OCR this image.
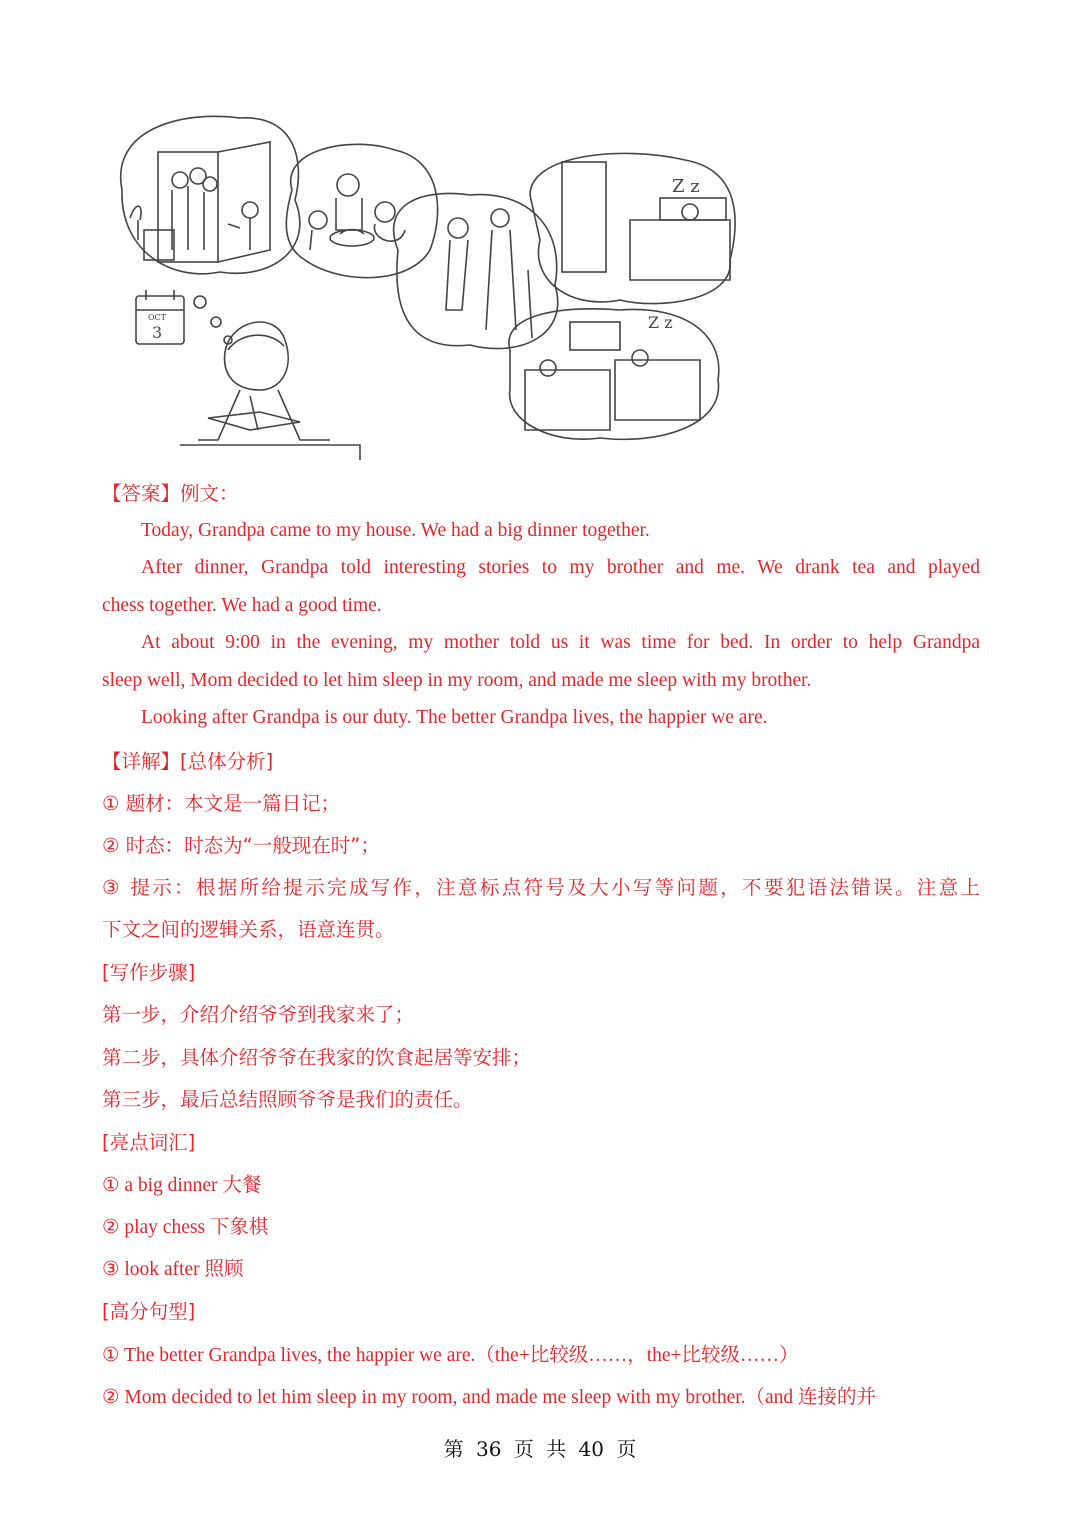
Z z
Z z
OCT
3
【答案】例文：
Today, Grandpa came to my house. We had a big dinner together.
After dinner, Grandpa told interesting stories to my brother and me. We drank tea and played
chess together. We had a good time.
At about 9:00 in the evening, my mother told us it was time for bed. In order to help Grandpa
sleep well, Mom decided to let him sleep in my room, and made me sleep with my brother.
Looking after Grandpa is our duty. The better Grandpa lives, the happier we are.
【详解】[总体分析]
① 题材：本文是一篇日记；
② 时态：时态为“一般现在时”；
③ 提示：根据所给提示完成写作，注意标点符号及大小写等问题，不要犯语法错误。注意上
下文之间的逻辑关系，语意连贯。
[写作步骤]
第一步，介绍介绍爷爷到我家来了；
第二步，具体介绍爷爷在我家的饮食起居等安排；
第三步，最后总结照顾爷爷是我们的责任。
[亮点词汇]
① a big dinner 大餐
② play chess 下象棋
③ look after 照顾
[高分句型]
① The better Grandpa lives, the happier we are.（the+比较级……，the+比较级……）
② Mom decided to let him sleep in my room, and made me sleep with my brother.（and 连接的并
第 36 页 共 40 页
